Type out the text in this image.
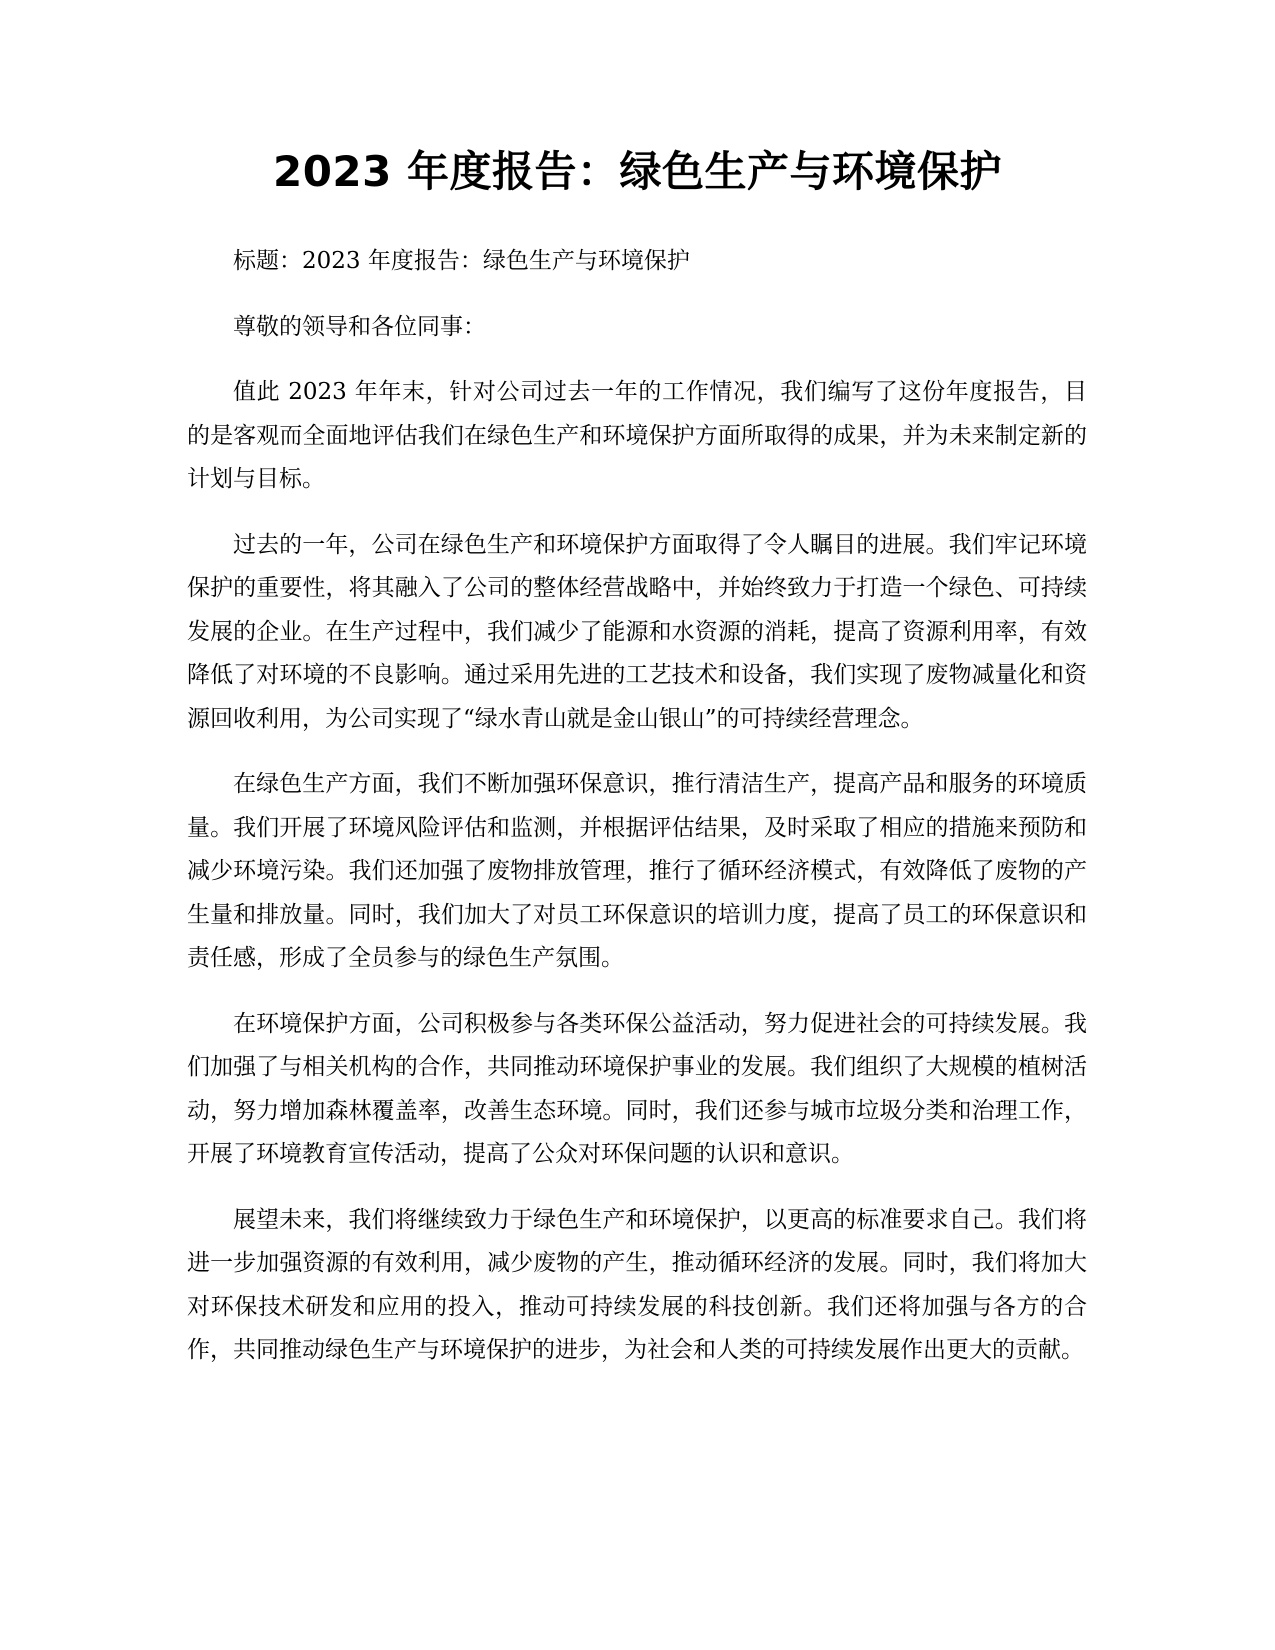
2023 年度报告：绿色生产与环境保护

标题：2023 年度报告：绿色生产与环境保护

尊敬的领导和各位同事：

值此 2023 年年末，针对公司过去一年的工作情况，我们编写了这份年度报告，目的是客观而全面地评估我们在绿色生产和环境保护方面所取得的成果，并为未来制定新的计划与目标。

过去的一年，公司在绿色生产和环境保护方面取得了令人瞩目的进展。我们牢记环境保护的重要性，将其融入了公司的整体经营战略中，并始终致力于打造一个绿色、可持续发展的企业。在生产过程中，我们减少了能源和水资源的消耗，提高了资源利用率，有效降低了对环境的不良影响。通过采用先进的工艺技术和设备，我们实现了废物减量化和资源回收利用，为公司实现了“绿水青山就是金山银山”的可持续经营理念。

在绿色生产方面，我们不断加强环保意识，推行清洁生产，提高产品和服务的环境质量。我们开展了环境风险评估和监测，并根据评估结果，及时采取了相应的措施来预防和减少环境污染。我们还加强了废物排放管理，推行了循环经济模式，有效降低了废物的产生量和排放量。同时，我们加大了对员工环保意识的培训力度，提高了员工的环保意识和责任感，形成了全员参与的绿色生产氛围。

在环境保护方面，公司积极参与各类环保公益活动，努力促进社会的可持续发展。我们加强了与相关机构的合作，共同推动环境保护事业的发展。我们组织了大规模的植树活动，努力增加森林覆盖率，改善生态环境。同时，我们还参与城市垃圾分类和治理工作，开展了环境教育宣传活动，提高了公众对环保问题的认识和意识。

展望未来，我们将继续致力于绿色生产和环境保护，以更高的标准要求自己。我们将进一步加强资源的有效利用，减少废物的产生，推动循环经济的发展。同时，我们将加大对环保技术研发和应用的投入，推动可持续发展的科技创新。我们还将加强与各方的合作，共同推动绿色生产与环境保护的进步，为社会和人类的可持续发展作出更大的贡献。
